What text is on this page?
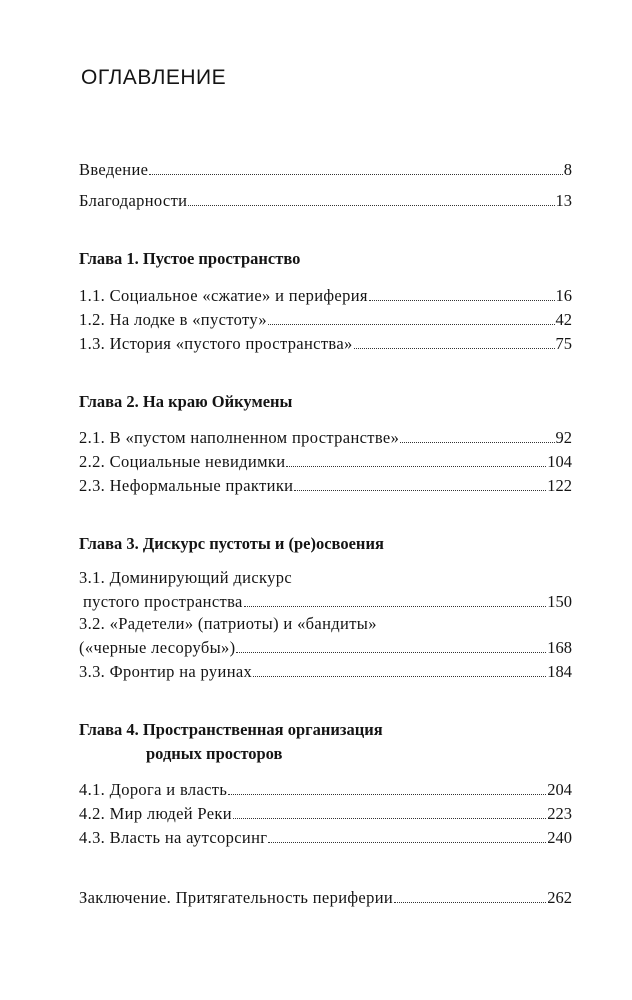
ОГЛАВЛЕНИЕ
Введение	8
Благодарности	13
Глава 1. Пустое пространство
1.1. Социальное «сжатие» и периферия	16
1.2. На лодке в «пустоту»	42
1.3. История «пустого пространства»	75
Глава 2. На краю Ойкумены
2.1. В «пустом наполненном пространстве»	92
2.2. Социальные невидимки	104
2.3. Неформальные практики	122
Глава 3. Дискурс пустоты и (ре)освоения
3.1. Доминирующий дискурс
пустого пространства	150
3.2. «Радетели» (патриоты) и «бандиты»
(«черные лесорубы»)	168
3.3. Фронтир на руинах	184
Глава 4. Пространственная организация
родных просторов
4.1. Дорога и власть	204
4.2. Мир людей Реки	223
4.3. Власть на аутсорсинг	240
Заключение. Притягательность периферии	262
